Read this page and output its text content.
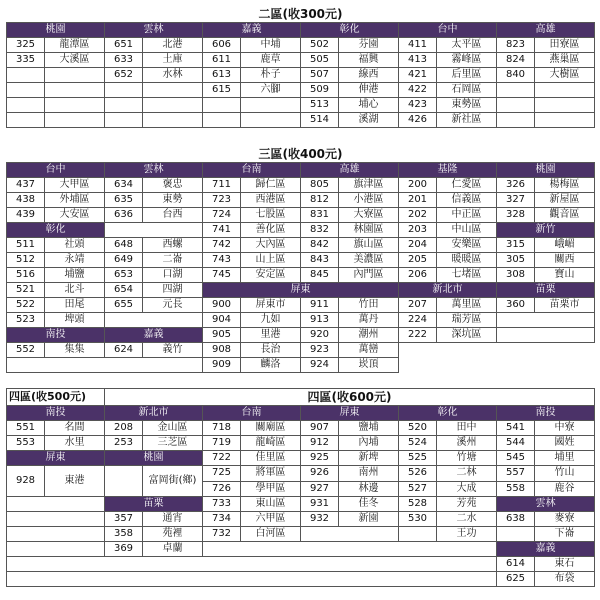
二區(收300元)											
桃園		雲林		嘉義		彰化		台中		高雄	
325	龍潭區	651	北港	606	中埔	502	芬園	411	太平區	823	田寮區
335	大溪區	633	土庫	611	鹿草	505	福興	413	霧峰區	824	燕巢區
		652	水林	613	朴子	507	線西	421	后里區	840	大樹區
				615	六腳	509	伸港	422	石岡區		
						513	埔心	423	東勢區		
						514	溪湖	426	新社區		
三區(收400元)											
台中		雲林		台南		高雄		基隆		桃園	
437	大甲區	634	褒忠	711	歸仁區	805	旗津區	200	仁愛區	326	楊梅區
438	外埔區	635	東勢	723	西港區	812	小港區	201	信義區	327	新屋區
439	大安區	636	台西	724	七股區	831	大寮區	202	中正區	328	觀音區
彰化				741	善化區	832	林園區	203	中山區	新竹	
511	社頭	648	西螺	742	大內區	842	旗山區	204	安樂區	315	峨嵋
512	永靖	649	二崙	743	山上區	843	美濃區	205	暖暖區	305	關西
516	埔鹽	653	口湖	745	安定區	845	內門區	206	七堵區	308	寶山
521	北斗	654	四湖	屏東				新北市		苗栗	
522	田尾	655	元長	900	屏東市	911	竹田	207	萬里區	360	苗栗市
523	埤頭			904	九如	913	萬丹	224	瑞芳區		
南投		嘉義		905	里港	920	潮州	222	深坑區		
552	集集	624	義竹	908	長治	923	萬巒				
				909	麟洛	924	崁頂				
四區(收500元)		四區(收600元)									
南投		新北市		台南		屏東		彰化		南投	
551	名間	208	金山區	718	關廟區	907	鹽埔	520	田中	541	中寮
553	水里	253	三芝區	719	龍崎區	912	內埔	524	溪州	544	國姓
屏東		桃園		722	佳里區	925	新埤	525	竹塘	545	埔里
928	東港		富岡街(鄉)	725	將軍區	926	南州	526	二林	557	竹山
				726	學甲區	927	林邊	527	大成	558	鹿谷
		苗栗		733	東山區	931	佳冬	528	芳苑	雲林	
		357	通宵	734	六甲區	932	新園	530	二水	638	麥寮
		358	苑裡	732	白河區				王功		下崙
		369	卓蘭							嘉義	
										614	東石
										625	布袋
